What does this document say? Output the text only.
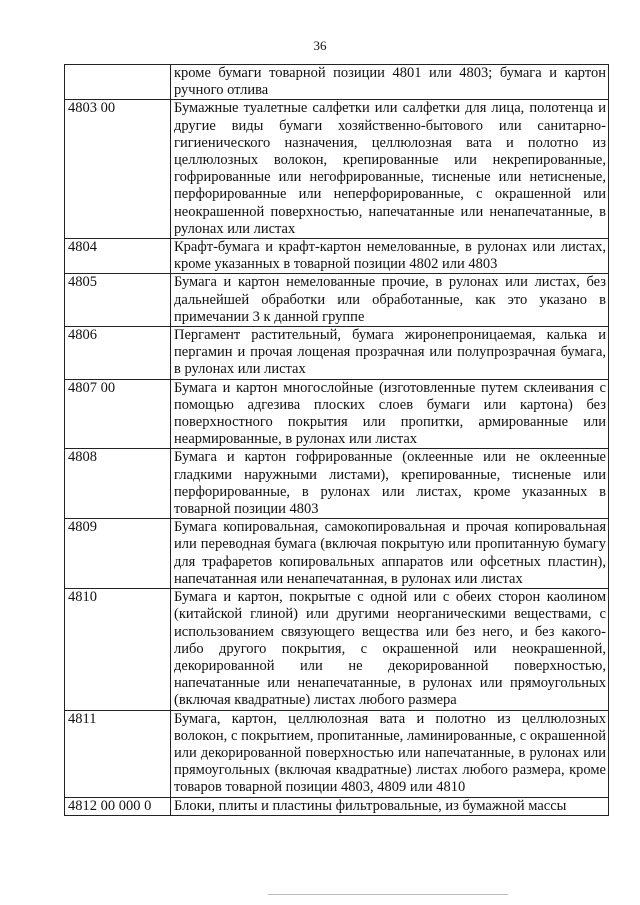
36
	кроме бумаги товарной позиции 4801 или 4803; бумага и картон ручного отлива
4803 00	Бумажные туалетные салфетки или салфетки для лица, полотенца и другие виды бумаги хозяйственно-бытового или санитарно-гигиенического назначения, целлюлозная вата и полотно из целлюлозных волокон, крепированные или некрепированные, гофрированные или негофрированные, тисненые или нетисненые, перфорированные или неперфорированные, с окрашенной или неокрашенной поверхностью, напечатанные или ненапечатанные, в рулонах или листах
4804	Крафт-бумага и крафт-картон немелованные, в рулонах или листах, кроме указанных в товарной позиции 4802 или 4803
4805	Бумага и картон немелованные прочие, в рулонах или листах, без дальнейшей обработки или обработанные, как это указано в примечании 3 к данной группе
4806	Пергамент растительный, бумага жиронепроницаемая, калька и пергамин и прочая лощеная прозрачная или полупрозрачная бумага, в рулонах или листах
4807 00	Бумага и картон многослойные (изготовленные путем склеивания с помощью адгезива плоских слоев бумаги или картона) без поверхностного покрытия или пропитки, армированные или неармированные, в рулонах или листах
4808	Бумага и картон гофрированные (оклеенные или не оклеенные гладкими наружными листами), крепированные, тисненые или перфорированные, в рулонах или листах, кроме указанных в товарной позиции 4803
4809	Бумага копировальная, самокопировальная и прочая копировальная или переводная бумага (включая покрытую или пропитанную бумагу для трафаретов копировальных аппаратов или офсетных пластин), напечатанная или ненапечатанная, в рулонах или листах
4810	Бумага и картон, покрытые с одной или с обеих сторон каолином (китайской глиной) или другими неорганическими веществами, с использованием связующего вещества или без него, и без какого-либо другого покрытия, с окрашенной или неокрашенной, декорированной или не декорированной поверхностью, напечатанные или ненапечатанные, в рулонах или прямоугольных (включая квадратные) листах любого размера
4811	Бумага, картон, целлюлозная вата и полотно из целлюлозных волокон, с покрытием, пропитанные, ламинированные, с окрашенной или декорированной поверхностью или напечатанные, в рулонах или прямоугольных (включая квадратные) листах любого размера, кроме товаров товарной позиции 4803, 4809 или 4810
4812 00 000 0	Блоки, плиты и пластины фильтровальные, из бумажной массы
